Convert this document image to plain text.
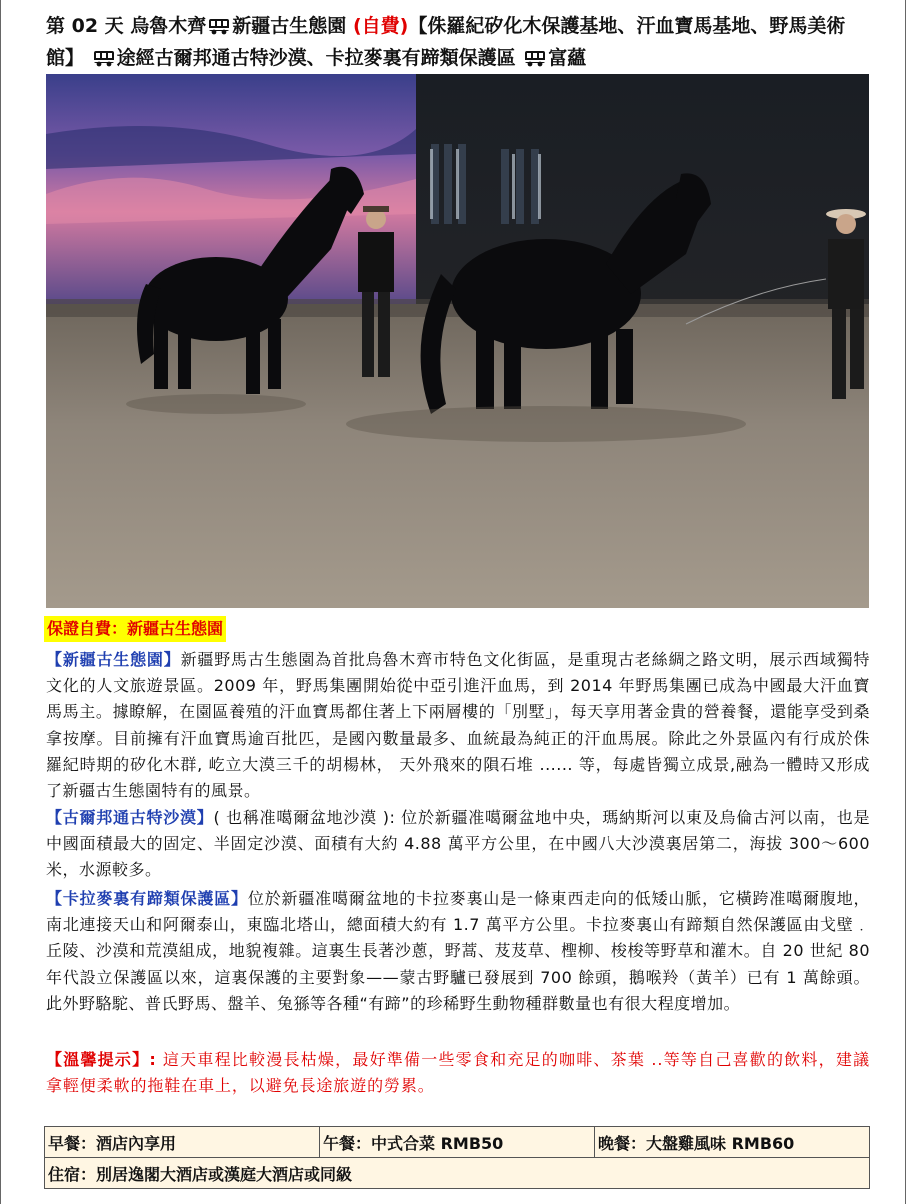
第 02 天 烏魯木齊 新疆古生態園 (自費)【侏羅紀矽化木保護基地、汗血寶馬基地、野馬美術館】 途經古爾邦通古特沙漠、卡拉麥裏有蹄類保護區 富蘊
保證自費：新疆古生態園
【新疆古生態園】新疆野馬古生態園為首批烏魯木齊市特色文化街區，是重現古老絲綢之路文明，展示西域獨特文化的人文旅遊景區。2009 年，野馬集團開始從中亞引進汗血馬，到 2014 年野馬集團已成為中國最大汗血寶馬馬主。據瞭解，在園區養殖的汗血寶馬都住著上下兩層樓的「別墅」，每天享用著金貴的營養餐，還能享受到桑拿按摩。目前擁有汗血寶馬逾百批匹，是國內數量最多、血統最為純正的汗血馬展。除此之外景區內有行成於侏羅紀時期的矽化木群, 屹立大漠三千的胡楊林， 天外飛來的隕石堆 ...... 等，每處皆獨立成景,融為一體時又形成了新疆古生態園特有的風景。
【古爾邦通古特沙漠】( 也稱准噶爾盆地沙漠 ): 位於新疆准噶爾盆地中央，瑪納斯河以東及烏倫古河以南，也是中國面積最大的固定、半固定沙漠、面積有大約 4.88 萬平方公里，在中國八大沙漠裏居第二，海拔 300～600 米，水源較多。
【卡拉麥裏有蹄類保護區】位於新疆准噶爾盆地的卡拉麥裏山是一條東西走向的低矮山脈，它橫跨准噶爾腹地，南北連接天山和阿爾泰山，東臨北塔山，總面積大約有 1.7 萬平方公里。卡拉麥裏山有蹄類自然保護區由戈壁﹒丘陵、沙漠和荒漠組成，地貌複雜。這裏生長著沙蔥，野蒿、芨芨草、檉柳、梭梭等野草和灌木。自 20 世紀 80 年代設立保護區以來，這裏保護的主要對象——蒙古野驢已發展到 700 餘頭，鵝喉羚（黃羊）已有 1 萬餘頭。此外野駱駝、普氏野馬、盤羊、兔猻等各種“有蹄”的珍稀野生動物種群數量也有很大程度增加。
【溫馨提示】: 這天車程比較漫長枯燥，最好準備一些零食和充足的咖啡、茶葉 ..等等自己喜歡的飲料，建議拿輕便柔軟的拖鞋在車上，以避免長途旅遊的勞累。
早餐：酒店內享用	午餐：中式合菜 RMB50	晚餐：大盤雞風味 RMB60
住宿：別居逸閣大酒店或漢庭大酒店或同級
